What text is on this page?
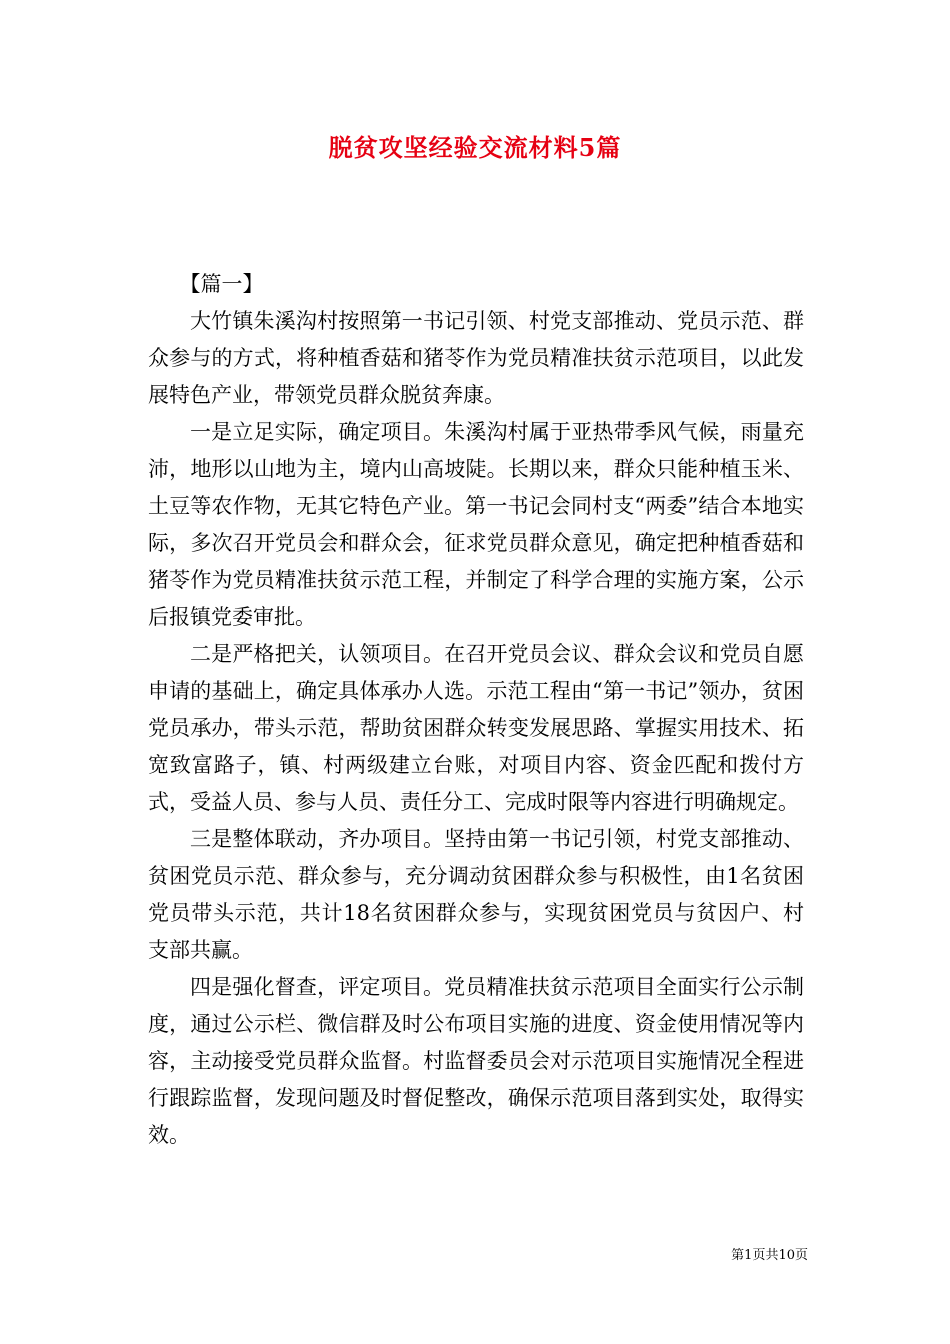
脱贫攻坚经验交流材料5篇

【篇一】

大竹镇朱溪沟村按照第一书记引领、村党支部推动、党员示范、群众参与的方式，将种植香菇和猪苓作为党员精准扶贫示范项目，以此发展特色产业，带领党员群众脱贫奔康。

一是立足实际，确定项目。朱溪沟村属于亚热带季风气候，雨量充沛，地形以山地为主，境内山高坡陡。长期以来，群众只能种植玉米、土豆等农作物，无其它特色产业。第一书记会同村支“两委”结合本地实际，多次召开党员会和群众会，征求党员群众意见，确定把种植香菇和猪苓作为党员精准扶贫示范工程，并制定了科学合理的实施方案，公示后报镇党委审批。

二是严格把关，认领项目。在召开党员会议、群众会议和党员自愿申请的基础上，确定具体承办人选。示范工程由“第一书记”领办，贫困党员承办，带头示范，帮助贫困群众转变发展思路、掌握实用技术、拓宽致富路子，镇、村两级建立台账，对项目内容、资金匹配和拨付方式，受益人员、参与人员、责任分工、完成时限等内容进行明确规定。

三是整体联动，齐办项目。坚持由第一书记引领，村党支部推动、贫困党员示范、群众参与，充分调动贫困群众参与积极性，由1名贫困党员带头示范，共计18名贫困群众参与，实现贫困党员与贫因户、村支部共赢。

四是强化督查，评定项目。党员精准扶贫示范项目全面实行公示制度，通过公示栏、微信群及时公布项目实施的进度、资金使用情况等内容，主动接受党员群众监督。村监督委员会对示范项目实施情况全程进行跟踪监督，发现问题及时督促整改，确保示范项目落到实处，取得实效。

第1页共10页
